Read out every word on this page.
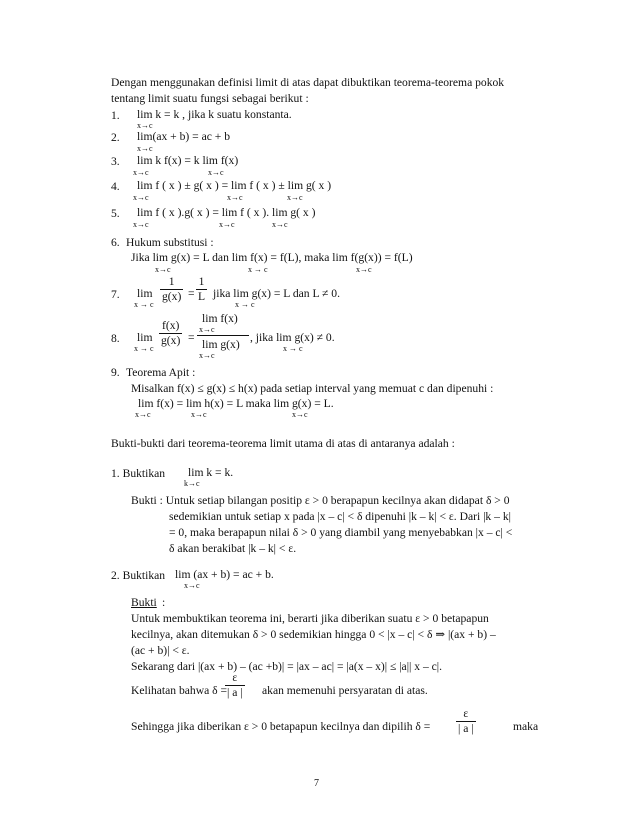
Dengan menggunakan definisi limit di atas dapat dibuktikan teorema-teorema pokok
tentang limit suatu fungsi sebagai berikut :
1. lim k = k , jika k suatu konstanta.
x→c
2. lim(ax + b) = ac + b
x→c
3. lim k f(x) = k lim f(x)
x→c	x→c
4. lim f ( x ) ± g( x ) = lim f ( x ) ± lim g( x )
x→c	x→c	x→c
5. lim f ( x ).g( x ) = lim f ( x ). lim g( x )
x→c	x→c	x→c
6. Hukum substitusi :
Jika lim g(x) = L dan lim f(x) = f(L), maka lim f(g(x)) = f(L)
x→c	x → c	x→c
7. lim
x → c
1
g(x) =
1
L jika lim g(x) = L dan L ≠ 0.
x → c
8. lim
x → c
f(x)
g(x) =
lim f(x)
x→c
lim g(x)
x→c
, jika lim g(x) ≠ 0.
x → c
9. Teorema Apit :
Misalkan f(x) ≤ g(x) ≤ h(x) pada setiap interval yang memuat c dan dipenuhi :
lim f(x) = lim h(x) = L maka lim g(x) = L.
x→c	x→c	x→c
Bukti-bukti dari teorema-teorema limit utama di atas di antaranya adalah :
1. Buktikan lim k = k.
k→c
Bukti : Untuk setiap bilangan positip ε > 0 berapapun kecilnya akan didapat δ > 0
sedemikian untuk setiap x pada |x – c| < δ dipenuhi |k – k| < ε. Dari |k – k|
= 0, maka berapapun nilai δ > 0 yang diambil yang menyebabkan |x – c| <
δ akan berakibat |k – k| < ε.
2. Buktikan lim (ax + b) = ac + b.
x→c
Bukti :
Untuk membuktikan teorema ini, berarti jika diberikan suatu ε > 0 betapapun
kecilnya, akan ditemukan δ > 0 sedemikian hingga 0 < |x – c| < δ ⇒ |(ax + b) –
(ac + b)| < ε.
Sekarang dari |(ax + b) – (ac +b)| = |ax – ac| = |a(x – x)| ≤ |a|| x – c|.
Kelihatan bahwa δ =
ε
| a | akan memenuhi persyaratan di atas.
Sehingga jika diberikan ε > 0 betapapun kecilnya dan dipilih δ =
ε
| a |	maka
7
